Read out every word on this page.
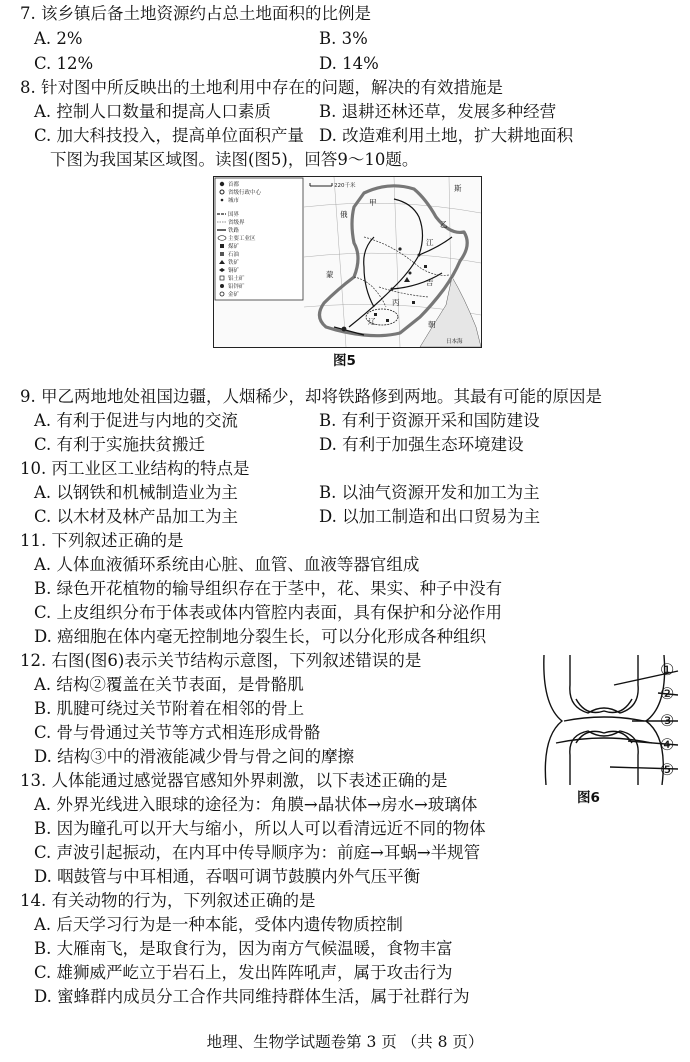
7. 该乡镇后备土地资源约占总土地面积的比例是
A. 2%	B. 3%
C. 12%	D. 14%
8. 针对图中所反映出的土地利用中存在的问题，解决的有效措施是
A. 控制人口数量和提高人口素质	B. 退耕还林还草，发展多种经营
C. 加大科技投入，提高单位面积产量 D. 改造难利用土地，扩大耕地面积
下图为我国某区域图。读图(图5)，回答9～10题。
首都
省级行政中心
城市
国界
省级界
铁路
主要工业区
煤矿
石油
铁矿
铜矿
铝土矿
铅锌矿
金矿
220千米
俄
甲
斯
乙
江
蒙
丙
辽
吉
朝
日本海
图5
9. 甲乙两地地处祖国边疆，人烟稀少，却将铁路修到两地。其最有可能的原因是
A. 有利于促进与内地的交流	B. 有利于资源开采和国防建设
C. 有利于实施扶贫搬迁	D. 有利于加强生态环境建设
10. 丙工业区工业结构的特点是
A. 以钢铁和机械制造业为主	B. 以油气资源开发和加工为主
C. 以木材及林产品加工为主	D. 以加工制造和出口贸易为主
11. 下列叙述正确的是
A. 人体血液循环系统由心脏、血管、血液等器官组成
B. 绿色开花植物的输导组织存在于茎中，花、果实、种子中没有
C. 上皮组织分布于体表或体内管腔内表面，具有保护和分泌作用
D. 癌细胞在体内毫无控制地分裂生长，可以分化形成各种组织
12. 右图(图6)表示关节结构示意图，下列叙述错误的是
A. 结构②覆盖在关节表面，是骨骼肌
B. 肌腱可绕过关节附着在相邻的骨上
C. 骨与骨通过关节等方式相连形成骨骼
D. 结构③中的滑液能减少骨与骨之间的摩擦
①
②
③
④
⑤
图6
13. 人体能通过感觉器官感知外界刺激，以下表述正确的是
A. 外界光线进入眼球的途径为：角膜→晶状体→房水→玻璃体
B. 因为瞳孔可以开大与缩小，所以人可以看清远近不同的物体
C. 声波引起振动，在内耳中传导顺序为：前庭→耳蜗→半规管
D. 咽鼓管与中耳相通，吞咽可调节鼓膜内外气压平衡
14. 有关动物的行为，下列叙述正确的是
A. 后天学习行为是一种本能，受体内遗传物质控制
B. 大雁南飞，是取食行为，因为南方气候温暖，食物丰富
C. 雄狮威严屹立于岩石上，发出阵阵吼声，属于攻击行为
D. 蜜蜂群内成员分工合作共同维持群体生活，属于社群行为
地理、生物学试题卷第 3 页 （共 8 页）
